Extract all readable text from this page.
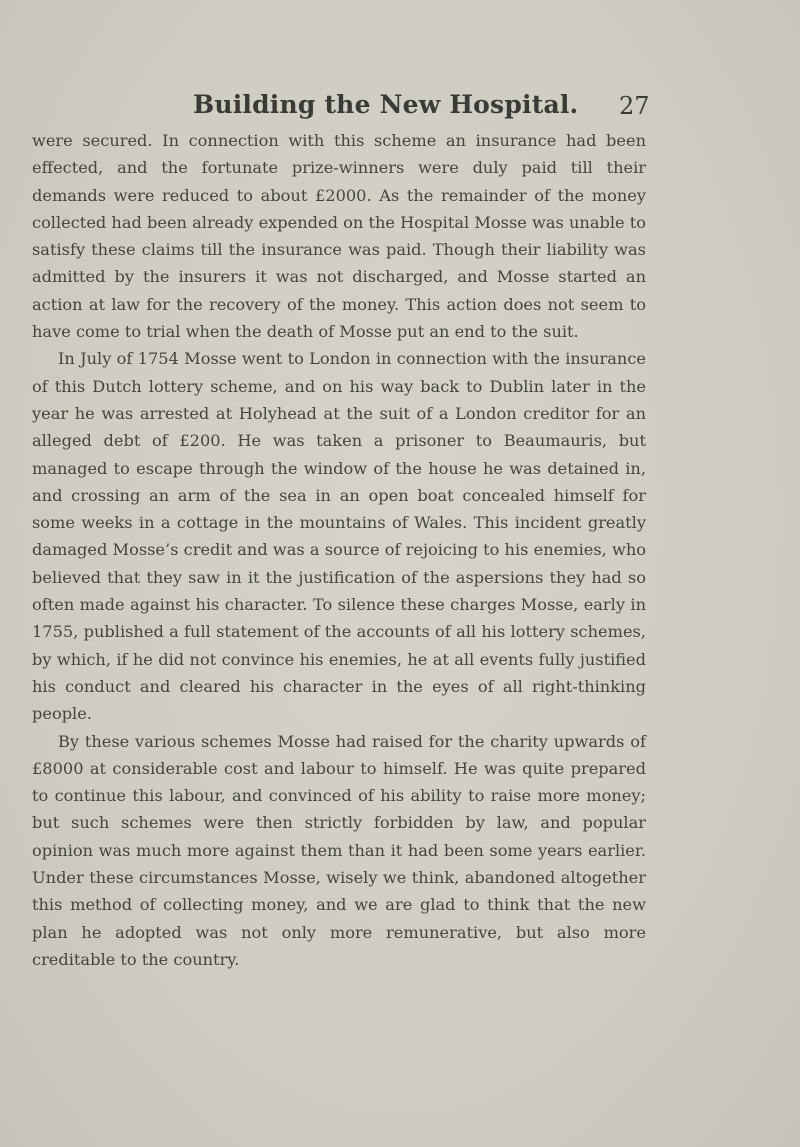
Building the New Hospital. 27

were secured. In connection with this scheme an insurance had been effected, and the fortunate prize-winners were duly paid till their demands were reduced to about £2000. As the remainder of the money collected had been already expended on the Hospital Mosse was unable to satisfy these claims till the insurance was paid. Though their liability was admitted by the insurers it was not discharged, and Mosse started an action at law for the recovery of the money. This action does not seem to have come to trial when the death of Mosse put an end to the suit.

In July of 1754 Mosse went to London in connection with the insurance of this Dutch lottery scheme, and on his way back to Dublin later in the year he was arrested at Holyhead at the suit of a London creditor for an alleged debt of £200. He was taken a prisoner to Beaumauris, but managed to escape through the window of the house he was detained in, and crossing an arm of the sea in an open boat concealed himself for some weeks in a cottage in the mountains of Wales. This incident greatly damaged Mosse’s credit and was a source of rejoicing to his enemies, who believed that they saw in it the justification of the aspersions they had so often made against his character. To silence these charges Mosse, early in 1755, published a full statement of the accounts of all his lottery schemes, by which, if he did not convince his enemies, he at all events fully justified his conduct and cleared his character in the eyes of all right-thinking people.

By these various schemes Mosse had raised for the charity upwards of £8000 at considerable cost and labour to himself. He was quite prepared to continue this labour, and convinced of his ability to raise more money; but such schemes were then strictly forbidden by law, and popular opinion was much more against them than it had been some years earlier. Under these circumstances Mosse, wisely we think, abandoned altogether this method of collecting money, and we are glad to think that the new plan he adopted was not only more remunerative, but also more creditable to the country.
